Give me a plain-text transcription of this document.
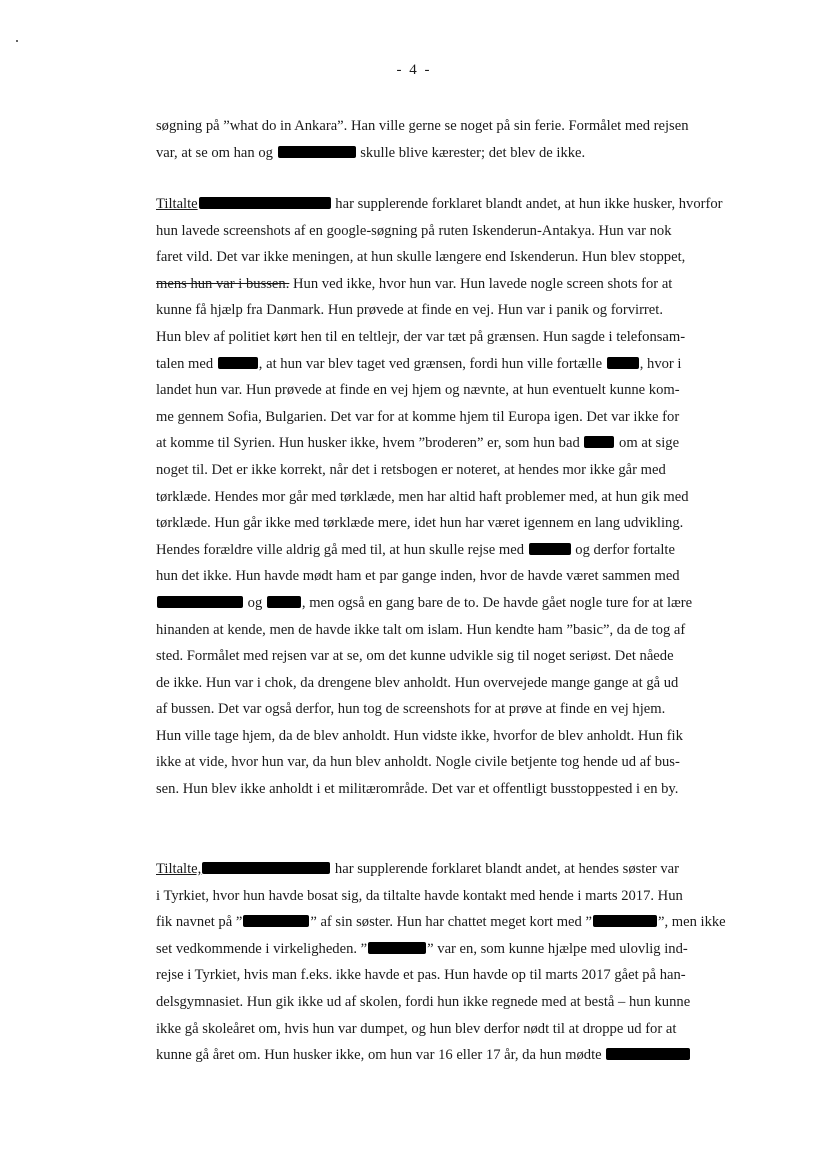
- 4 -
søgning på ”what do in Ankara”. Han ville gerne se noget på sin ferie. Formålet med rejsen
var, at se om han og	skulle blive kærester; det blev de ikke.
Tiltalte	har supplerende forklaret blandt andet, at hun ikke husker, hvorfor
hun lavede screenshots af en google-søgning på ruten Iskenderun-Antakya. Hun var nok
faret vild. Det var ikke meningen, at hun skulle længere end Iskenderun. Hun blev stoppet,
mens hun var i bussen. Hun ved ikke, hvor hun var. Hun lavede nogle screen shots for at
kunne få hjælp fra Danmark. Hun prøvede at finde en vej. Hun var i panik og forvirret.
Hun blev af politiet kørt hen til en teltlejr, der var tæt på grænsen. Hun sagde i telefonsam-
talen med	, at hun var blev taget ved grænsen, fordi hun ville fortælle , hvor i
landet hun var. Hun prøvede at finde en vej hjem og nævnte, at hun eventuelt kunne kom-
me gennem Sofia, Bulgarien. Det var for at komme hjem til Europa igen. Det var ikke for
at komme til Syrien. Hun husker ikke, hvem ”broderen” er, som hun bad  om at sige
noget til. Det er ikke korrekt, når det i retsbogen er noteret, at hendes mor ikke går med
tørklæde. Hendes mor går med tørklæde, men har altid haft problemer med, at hun gik med
tørklæde. Hun går ikke med tørklæde mere, idet hun har været igennem en lang udvikling.
Hendes forældre ville aldrig gå med til, at hun skulle rejse med	og derfor fortalte
hun det ikke. Hun havde mødt ham et par gange inden, hvor de havde været sammen med
og , men også en gang bare de to. De havde gået nogle ture for at lære
hinanden at kende, men de havde ikke talt om islam. Hun kendte ham ”basic”, da de tog af
sted. Formålet med rejsen var at se, om det kunne udvikle sig til noget seriøst. Det nåede
de ikke. Hun var i chok, da drengene blev anholdt. Hun overvejede mange gange at gå ud
af bussen. Det var også derfor, hun tog de screenshots for at prøve at finde en vej hjem.
Hun ville tage hjem, da de blev anholdt. Hun vidste ikke, hvorfor de blev anholdt. Hun fik
ikke at vide, hvor hun var, da hun blev anholdt. Nogle civile betjente tog hende ud af bus-
sen. Hun blev ikke anholdt i et militærområde. Det var et offentligt busstoppested i en by.
Tiltalte,	har supplerende forklaret blandt andet, at hendes søster var
i Tyrkiet, hvor hun havde bosat sig, da tiltalte havde kontakt med hende i marts 2017. Hun
fik navnet på ”	” af sin søster. Hun har chattet meget kort med ”	”, men ikke
set vedkommende i virkeligheden. ”	” var en, som kunne hjælpe med ulovlig ind-
rejse i Tyrkiet, hvis man f.eks. ikke havde et pas. Hun havde op til marts 2017 gået på han-
delsgymnasiet. Hun gik ikke ud af skolen, fordi hun ikke regnede med at bestå – hun kunne
ikke gå skoleåret om, hvis hun var dumpet, og hun blev derfor nødt til at droppe ud for at
kunne gå året om. Hun husker ikke, om hun var 16 eller 17 år, da hun mødte
